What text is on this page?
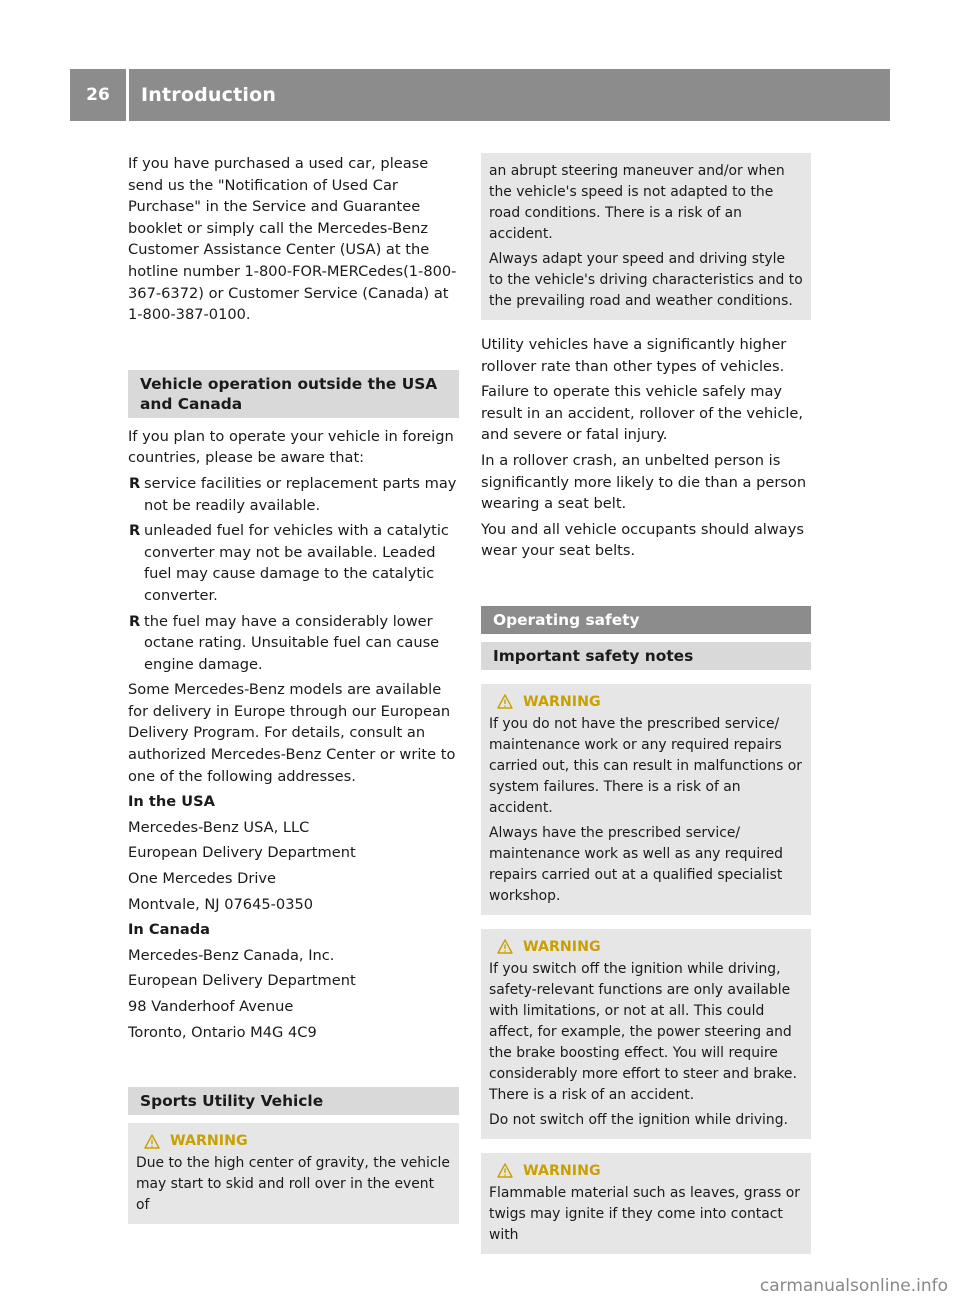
26	Introduction

If you have purchased a used car, please send us the "Notification of Used Car Purchase" in the Service and Guarantee booklet or simply call the Mercedes-Benz Customer Assistance Center (USA) at the hotline number 1-800-FOR-MERCedes(1-800-367-6372) or Customer Service (Canada) at 1-800-387-0100.

Vehicle operation outside the USA and Canada

If you plan to operate your vehicle in foreign countries, please be aware that:

R service facilities or replacement parts may not be readily available.
R unleaded fuel for vehicles with a catalytic converter may not be available. Leaded fuel may cause damage to the catalytic converter.
R the fuel may have a considerably lower octane rating. Unsuitable fuel can cause engine damage.

Some Mercedes-Benz models are available for delivery in Europe through our European Delivery Program. For details, consult an authorized Mercedes-Benz Center or write to one of the following addresses.

In the USA

Mercedes-Benz USA, LLC

European Delivery Department

One Mercedes Drive

Montvale, NJ 07645-0350

In Canada

Mercedes-Benz Canada, Inc.

European Delivery Department

98 Vanderhoof Avenue

Toronto, Ontario M4G 4C9

Sports Utility Vehicle
WARNING

Due to the high center of gravity, the vehicle may start to skid and roll over in the event of

an abrupt steering maneuver and/or when the vehicle's speed is not adapted to the road conditions. There is a risk of an accident.

Always adapt your speed and driving style to the vehicle's driving characteristics and to the prevailing road and weather conditions.

Utility vehicles have a significantly higher rollover rate than other types of vehicles.

Failure to operate this vehicle safely may result in an accident, rollover of the vehicle, and severe or fatal injury.

In a rollover crash, an unbelted person is significantly more likely to die than a person wearing a seat belt.

You and all vehicle occupants should always wear your seat belts.

Operating safety
Important safety notes
WARNING

If you do not have the prescribed service/ maintenance work or any required repairs carried out, this can result in malfunctions or system failures. There is a risk of an accident.

Always have the prescribed service/ maintenance work as well as any required repairs carried out at a qualified specialist workshop.

WARNING

If you switch off the ignition while driving, safety-relevant functions are only available with limitations, or not at all. This could affect, for example, the power steering and the brake boosting effect. You will require considerably more effort to steer and brake. There is a risk of an accident.

Do not switch off the ignition while driving.

WARNING

Flammable material such as leaves, grass or twigs may ignite if they come into contact with

carmanualsonline.info
